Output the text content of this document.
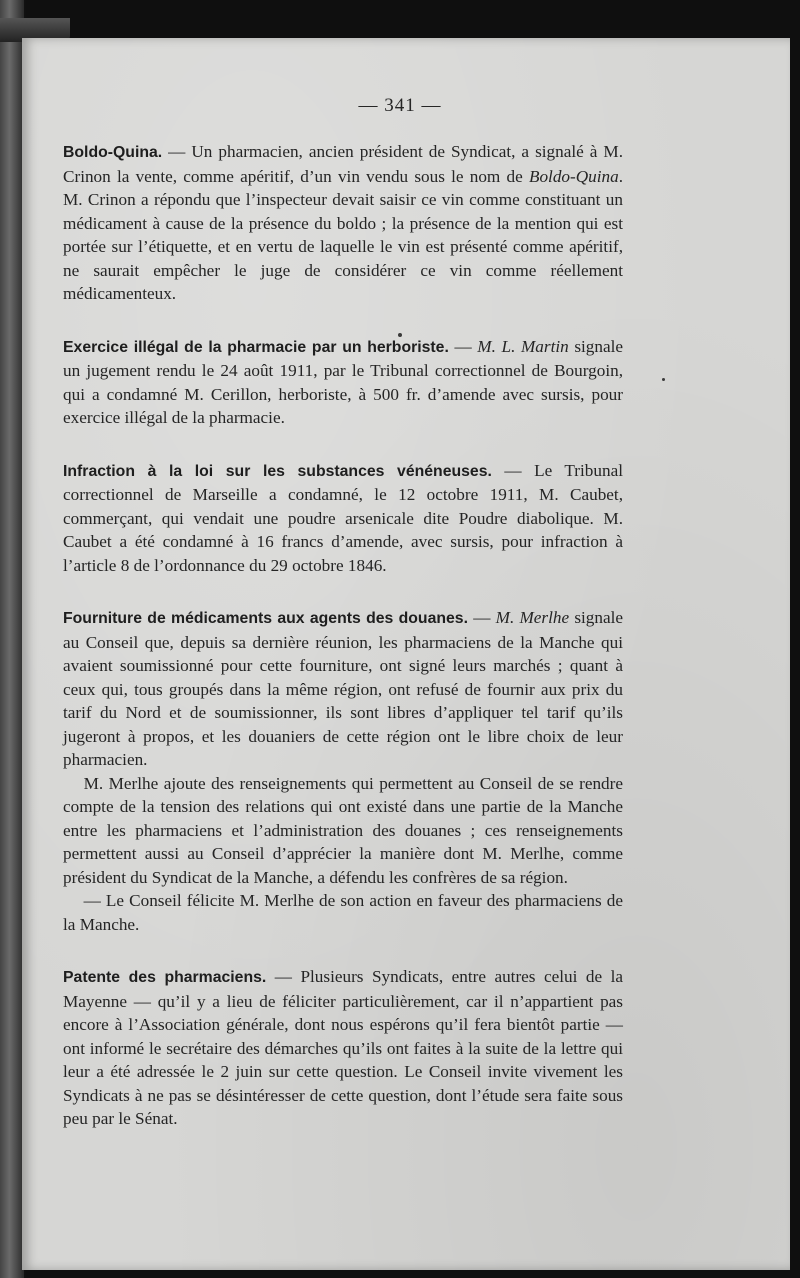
— 341 —

Boldo-Quina. — Un pharmacien, ancien président de Syndicat, a signalé à M. Crinon la vente, comme apéritif, d’un vin vendu sous le nom de Boldo-Quina. M. Crinon a répondu que l’inspecteur devait saisir ce vin comme constituant un médicament à cause de la présence du boldo ; la présence de la mention qui est portée sur l’étiquette, et en vertu de laquelle le vin est présenté comme apéritif, ne saurait empêcher le juge de considérer ce vin comme réellement médicamenteux.

Exercice illégal de la pharmacie par un herboriste. — M. L. Martin signale un jugement rendu le 24 août 1911, par le Tribunal correctionnel de Bourgoin, qui a condamné M. Cerillon, herboriste, à 500 fr. d’amende avec sursis, pour exercice illégal de la pharmacie.

Infraction à la loi sur les substances vénéneuses. — Le Tribunal correctionnel de Marseille a condamné, le 12 octobre 1911, M. Caubet, commerçant, qui vendait une poudre arsenicale dite Poudre diabolique. M. Caubet a été condamné à 16 francs d’amende, avec sursis, pour infraction à l’article 8 de l’ordonnance du 29 octobre 1846.

Fourniture de médicaments aux agents des douanes. — M. Merlhe signale au Conseil que, depuis sa dernière réunion, les pharmaciens de la Manche qui avaient soumissionné pour cette fourniture, ont signé leurs marchés ; quant à ceux qui, tous groupés dans la même région, ont refusé de fournir aux prix du tarif du Nord et de soumissionner, ils sont libres d’appliquer tel tarif qu’ils jugeront à propos, et les douaniers de cette région ont le libre choix de leur pharmacien.

M. Merlhe ajoute des renseignements qui permettent au Conseil de se rendre compte de la tension des relations qui ont existé dans une partie de la Manche entre les pharmaciens et l’administration des douanes ; ces renseignements permettent aussi au Conseil d’apprécier la manière dont M. Merlhe, comme président du Syndicat de la Manche, a défendu les confrères de sa région.

— Le Conseil félicite M. Merlhe de son action en faveur des pharmaciens de la Manche.

Patente des pharmaciens. — Plusieurs Syndicats, entre autres celui de la Mayenne — qu’il y a lieu de féliciter particulièrement, car il n’appartient pas encore à l’Association générale, dont nous espérons qu’il fera bientôt partie — ont informé le secrétaire des démarches qu’ils ont faites à la suite de la lettre qui leur a été adressée le 2 juin sur cette question. Le Conseil invite vivement les Syndicats à ne pas se désintéresser de cette question, dont l’étude sera faite sous peu par le Sénat.
